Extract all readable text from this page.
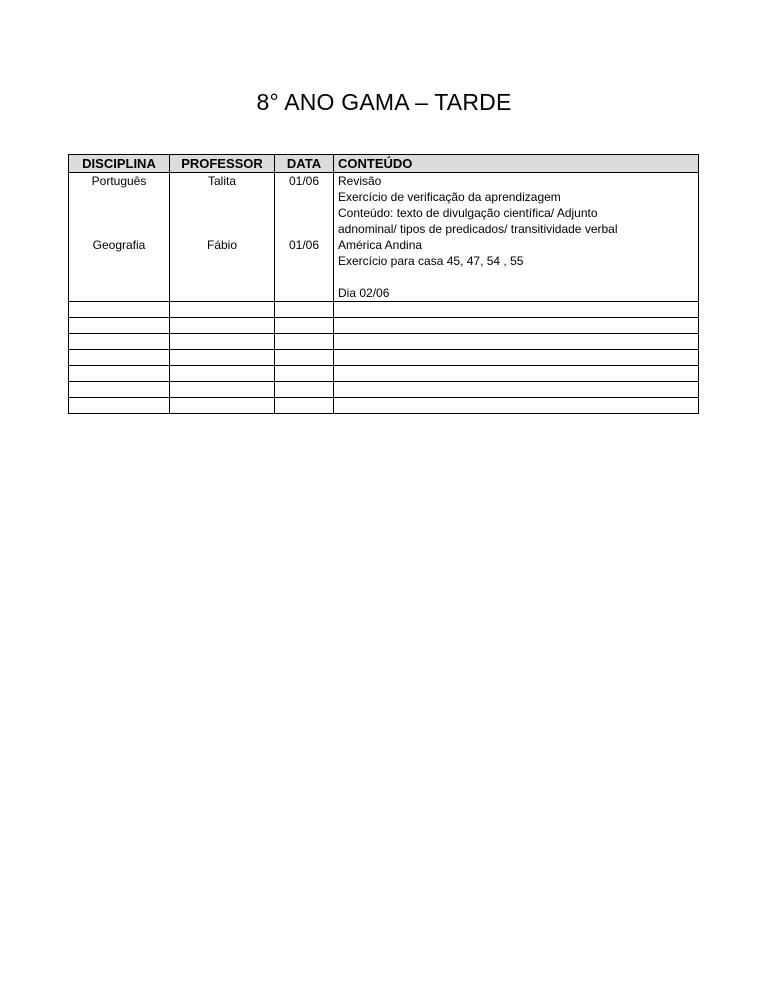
8° ANO GAMA – TARDE
DISCIPLINA	PROFESSOR	DATA	CONTEÚDO
Português	Talita	01/06	Revisão
Exercício de verificação da aprendizagem
Conteúdo: texto de divulgação científica/ Adjunto
adnominal/ tipos de predicados/ transitividade verbal

Geografia	Fábio	01/06	América Andina
Exercício para casa 45, 47, 54 , 55
Dia 02/06
